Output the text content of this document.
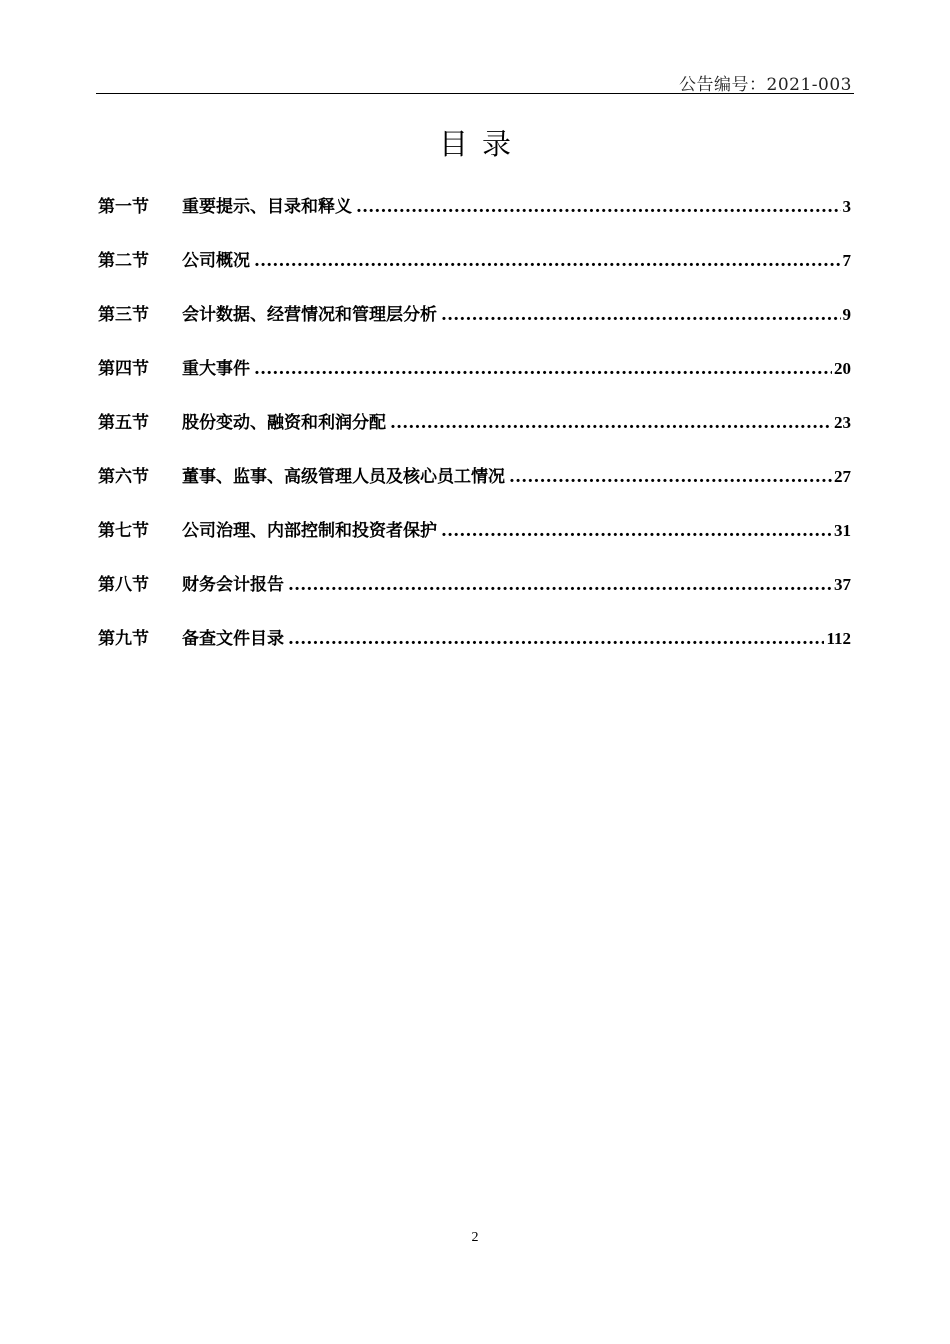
公告编号：2021-003
目录
第一节	重要提示、目录和释义 .....	3
第二节	公司概况 .....	7
第三节	会计数据、经营情况和管理层分析 .....	9
第四节	重大事件 .....	20
第五节	股份变动、融资和利润分配 .....	23
第六节	董事、监事、高级管理人员及核心员工情况 .....	27
第七节	公司治理、内部控制和投资者保护 .....	31
第八节	财务会计报告 .....	37
第九节	备查文件目录 .....	112
2
